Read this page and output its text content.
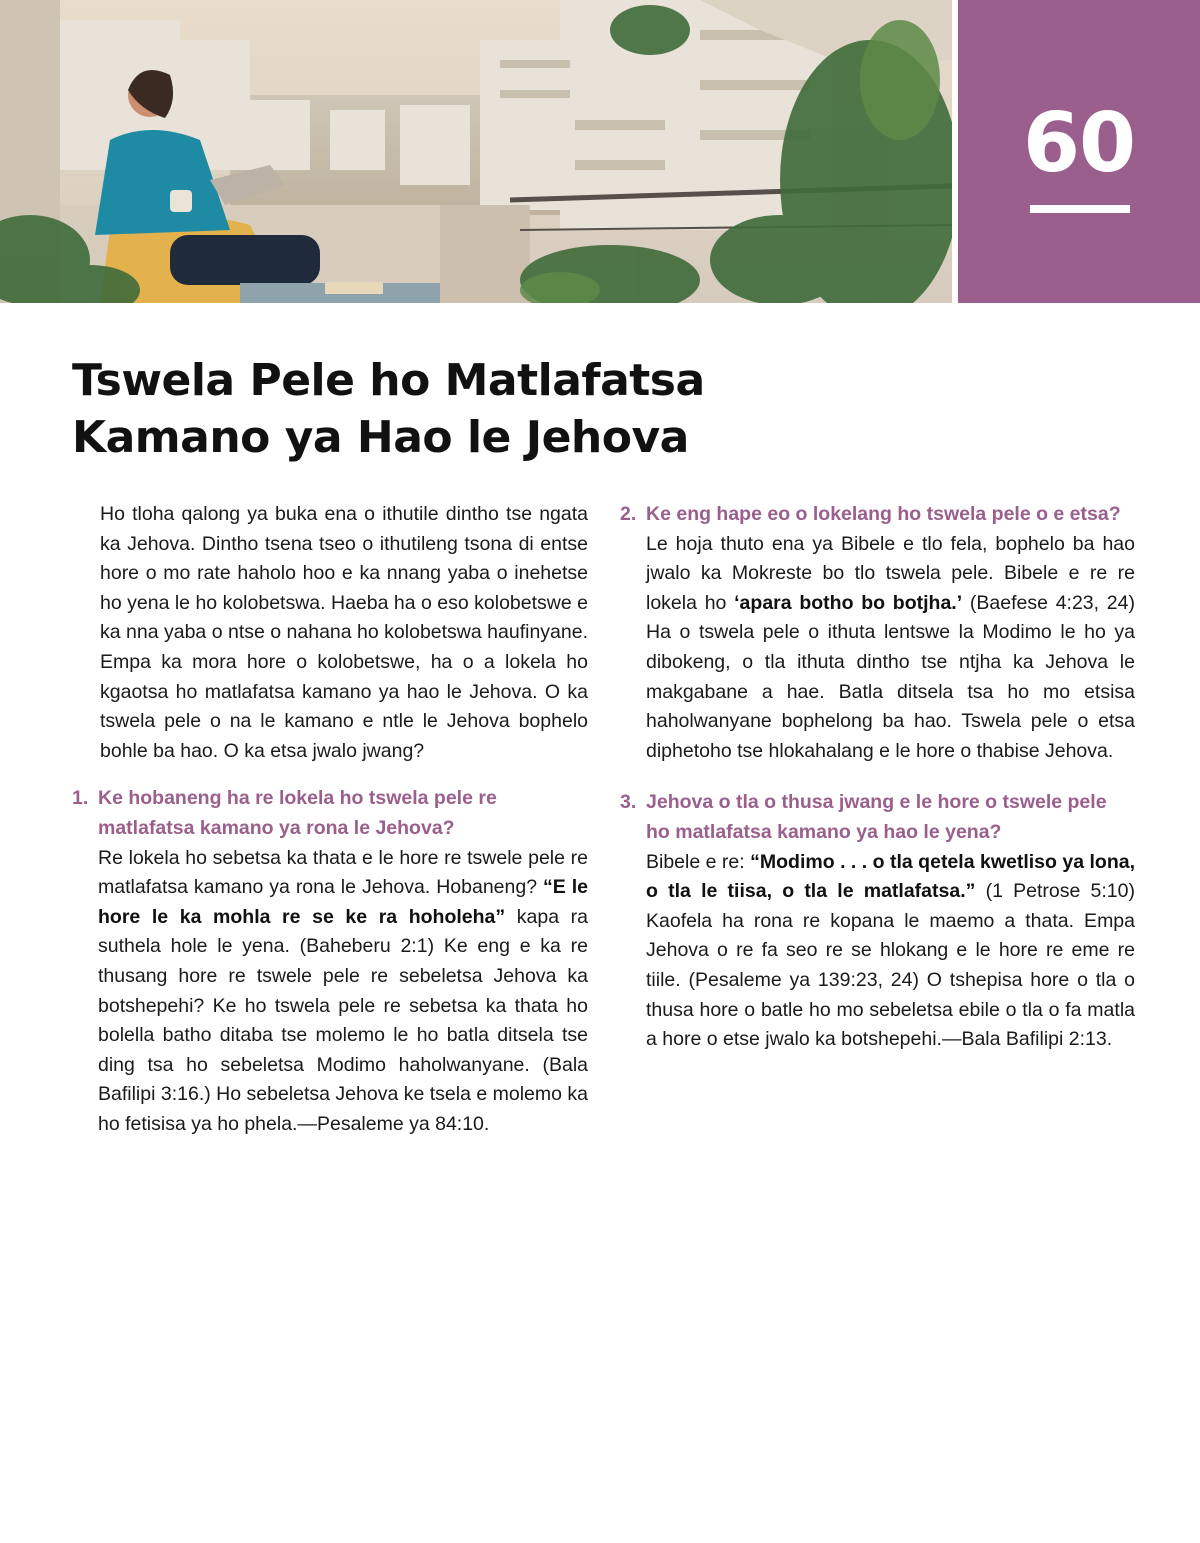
60
Tswela Pele ho Matlafatsa Kamano ya Hao le Jehova

Ho tloha qalong ya buka ena o ithutile dintho tse ngata ka Jehova. Dintho tsena tseo o ithutileng tsona di entse hore o mo rate haholo hoo e ka nnang yaba o inehetse ho yena le ho kolobetswa. Haeba ha o eso kolobetswe e ka nna yaba o ntse o nahana ho kolobetswa haufinyane. Empa ka mora hore o kolobetswe, ha o a lokela ho kgaotsa ho matlafatsa kamano ya hao le Jehova. O ka tswela pele o na le kamano e ntle le Jehova bophelo bohle ba hao. O ka etsa jwalo jwang?

1. Ke hobaneng ha re lokela ho tswela pele re matlafatsa kamano ya rona le Jehova?

Re lokela ho sebetsa ka thata e le hore re tswele pele re matlafatsa kamano ya rona le Jehova. Hobaneng? “E le hore le ka mohla re se ke ra hoholeha” kapa ra suthela hole le yena. (Baheberu 2:1) Ke eng e ka re thusang hore re tswele pele re sebeletsa Jehova ka botshepehi? Ke ho tswela pele re sebetsa ka thata ho bolella batho ditaba tse molemo le ho batla ditsela tse ding tsa ho sebeletsa Modimo haholwanyane. (Bala Bafilipi 3:16.) Ho sebeletsa Jehova ke tsela e molemo ka ho fetisisa ya ho phela.—Pesaleme ya 84:10.

2. Ke eng hape eo o lokelang ho tswela pele o e etsa?

Le hoja thuto ena ya Bibele e tlo fela, bophelo ba hao jwalo ka Mokreste bo tlo tswela pele. Bibele e re re lokela ho ‘apara botho bo botjha.’ (Baefese 4:23, 24) Ha o tswela pele o ithuta lentswe la Modimo le ho ya dibokeng, o tla ithuta dintho tse ntjha ka Jehova le makgabane a hae. Batla ditsela tsa ho mo etsisa haholwanyane bophelong ba hao. Tswela pele o etsa diphetoho tse hlokahalang e le hore o thabise Jehova.

3. Jehova o tla o thusa jwang e le hore o tswele pele ho matlafatsa kamano ya hao le yena?

Bibele e re: “Modimo . . . o tla qetela kwetliso ya lona, o tla le tiisa, o tla le matlafatsa.” (1 Petrose 5:10) Kaofela ha rona re kopana le maemo a thata. Empa Jehova o re fa seo re se hlokang e le hore re eme re tiile. (Pesaleme ya 139:23, 24) O tshepisa hore o tla o thusa hore o batle ho mo sebeletsa ebile o tla o fa matla a hore o etse jwalo ka botshepehi.—Bala Bafilipi 2:13.
